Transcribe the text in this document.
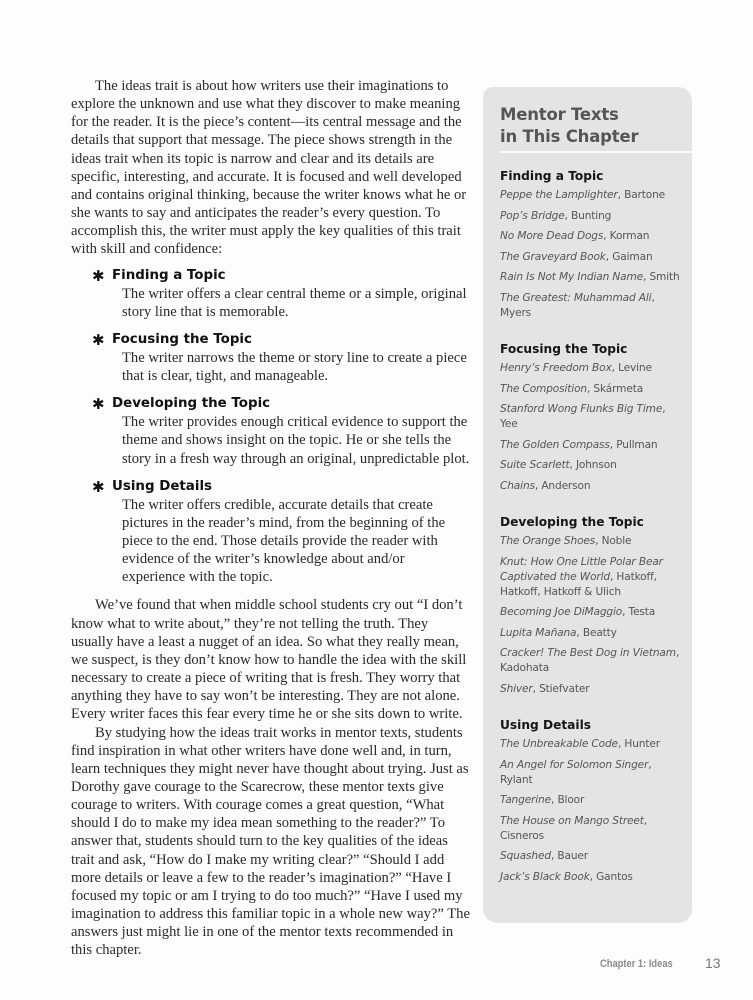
The ideas trait is about how writers use their imaginations to explore the unknown and use what they discover to make meaning for the reader. It is the piece’s content—its central message and the details that support that message. The piece shows strength in the ideas trait when its topic is narrow and clear and its details are specific, interesting, and accurate. It is focused and well developed and contains original thinking, because the writer knows what he or she wants to say and anticipates the reader’s every question. To accomplish this, the writer must apply the key qualities of this trait with skill and confidence:

✱ Finding a Topic

The writer offers a clear central theme or a simple, original story line that is memorable.

✱ Focusing the Topic

The writer narrows the theme or story line to create a piece that is clear, tight, and manageable.

✱ Developing the Topic

The writer provides enough critical evidence to support the theme and shows insight on the topic. He or she tells the story in a fresh way through an original, unpredictable plot.

✱ Using Details

The writer offers credible, accurate details that create pictures in the reader’s mind, from the beginning of the piece to the end. Those details provide the reader with evidence of the writer’s knowledge about and/or experience with the topic.

We’ve found that when middle school students cry out “I don’t know what to write about,” they’re not telling the truth. They usually have a least a nugget of an idea. So what they really mean, we suspect, is they don’t know how to handle the idea with the skill necessary to create a piece of writing that is fresh. They worry that anything they have to say won’t be interesting. They are not alone. Every writer faces this fear every time he or she sits down to write.

By studying how the ideas trait works in mentor texts, students find inspiration in what other writers have done well and, in turn, learn techniques they might never have thought about trying. Just as Dorothy gave courage to the Scarecrow, these mentor texts give courage to writers. With courage comes a great question, “What should I do to make my idea mean something to the reader?” To answer that, students should turn to the key qualities of the ideas trait and ask, “How do I make my writing clear?” “Should I add more details or leave a few to the reader’s imagination?” “Have I focused my topic or am I trying to do too much?” “Have I used my imagination to address this familiar topic in a whole new way?” The answers just might lie in one of the mentor texts recommended in this chapter.

Mentor Texts
in This Chapter
Finding a Topic
Peppe the Lamplighter, Bartone
Pop’s Bridge, Bunting
No More Dead Dogs, Korman
The Graveyard Book, Gaiman
Rain Is Not My Indian Name, Smith
The Greatest: Muhammad Ali, Myers
Focusing the Topic
Henry’s Freedom Box, Levine
The Composition, Skármeta
Stanford Wong Flunks Big Time, Yee
The Golden Compass, Pullman
Suite Scarlett, Johnson
Chains, Anderson
Developing the Topic
The Orange Shoes, Noble
Knut: How One Little Polar Bear Captivated the World, Hatkoff, Hatkoff, Hatkoff & Ulich
Becoming Joe DiMaggio, Testa
Lupita Mañana, Beatty
Cracker! The Best Dog in Vietnam, Kadohata
Shiver, Stiefvater
Using Details
The Unbreakable Code, Hunter
An Angel for Solomon Singer, Rylant
Tangerine, Bloor
The House on Mango Street, Cisneros
Squashed, Bauer
Jack’s Black Book, Gantos
Chapter 1: Ideas 13
